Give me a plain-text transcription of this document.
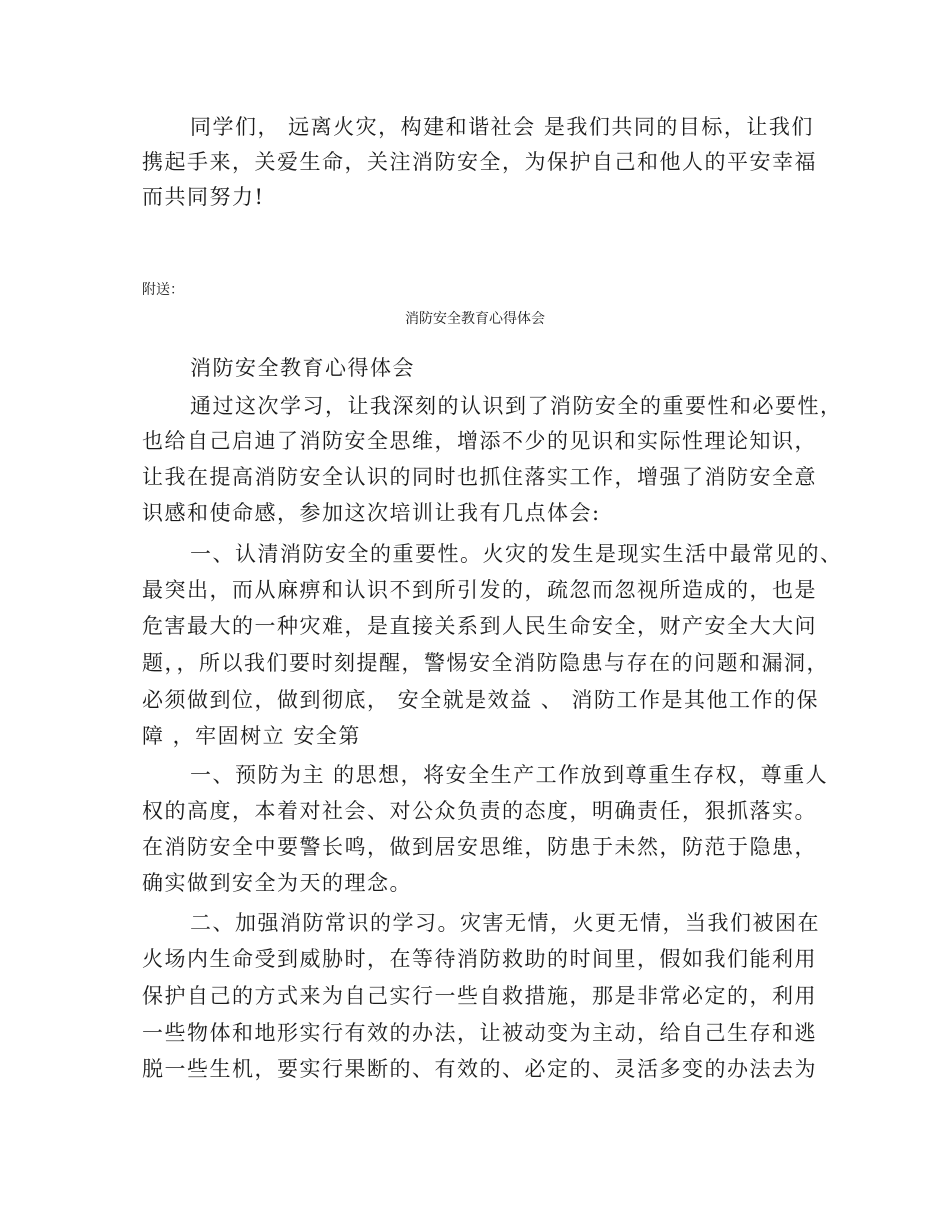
同学们， 远离火灾，构建和谐社会 是我们共同的目标，让我们
携起手来，关爱生命，关注消防安全，为保护自己和他人的平安幸福
而共同努力!
附送：
消防安全教育心得体会
消防安全教育心得体会
通过这次学习，让我深刻的认识到了消防安全的重要性和必要性，
也给自己启迪了消防安全思维，增添不少的见识和实际性理论知识，
让我在提高消防安全认识的同时也抓住落实工作，增强了消防安全意
识感和使命感，参加这次培训让我有几点体会:
一、认清消防安全的重要性。火灾的发生是现实生活中最常见的、
最突出，而从麻痹和认识不到所引发的，疏忽而忽视所造成的，也是
危害最大的一种灾难，是直接关系到人民生命安全，财产安全大大问
题，，所以我们要时刻提醒，警惕安全消防隐患与存在的问题和漏洞，
必须做到位，做到彻底， 安全就是效益 、 消防工作是其他工作的保
障 ，牢固树立 安全第
一、预防为主 的思想，将安全生产工作放到尊重生存权，尊重人
权的高度，本着对社会、对公众负责的态度，明确责任，狠抓落实。
在消防安全中要警长鸣，做到居安思维，防患于未然，防范于隐患，
确实做到安全为天的理念。
二、加强消防常识的学习。灾害无情，火更无情，当我们被困在
火场内生命受到威胁时，在等待消防救助的时间里，假如我们能利用
保护自己的方式来为自己实行一些自救措施，那是非常必定的，利用
一些物体和地形实行有效的办法，让被动变为主动，给自己生存和逃
脱一些生机，要实行果断的、有效的、必定的、灵活多变的办法去为
